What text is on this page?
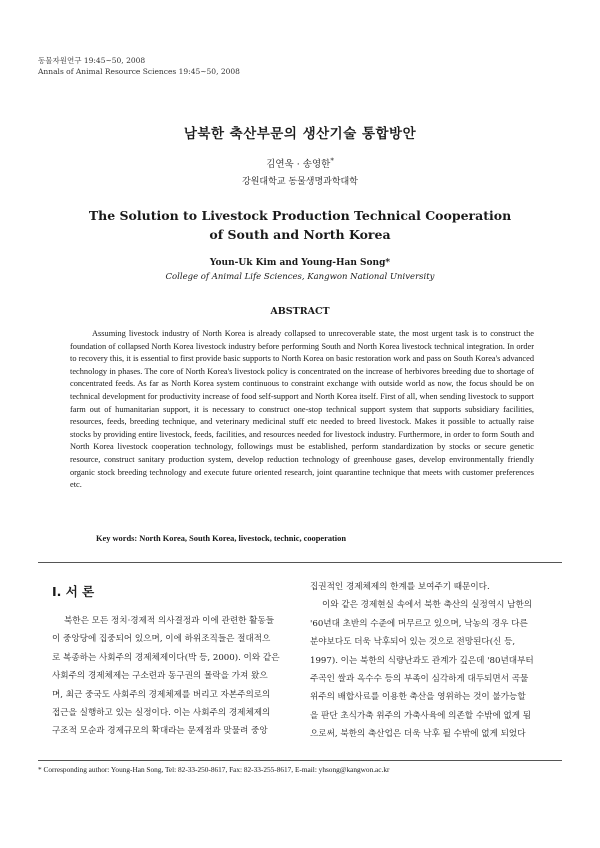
동물자원연구 19:45~50, 2008
Annals of Animal Resource Sciences 19:45~50, 2008
남북한 축산부문의 생산기술 통합방안
김연욱 · 송영한*
강원대학교 동물생명과학대학
The Solution to Livestock Production Technical Cooperation
of South and North Korea
Youn-Uk Kim and Young-Han Song*
College of Animal Life Sciences, Kangwon National University
ABSTRACT
Assuming livestock industry of North Korea is already collapsed to unrecoverable state, the most urgent task is to construct the foundation of collapsed North Korea livestock industry before performing South and North Korea livestock technical integration. In order to recovery this, it is essential to first provide basic supports to North Korea on basic restoration work and pass on South Korea's advanced technology in phases. The core of North Korea's livestock policy is concentrated on the increase of herbivores breeding due to shortage of concentrated feeds. As far as North Korea system continuous to constraint exchange with outside world as now, the focus should be on technical development for productivity increase of food self-support and North Korea itself. First of all, when sending livestock to support farm out of humanitarian support, it is necessary to construct one-stop technical support system that supports subsidiary facilities, resources, feeds, breeding technique, and veterinary medicinal stuff etc needed to breed livestock. Makes it possible to actually raise stocks by providing entire livestock, feeds, facilities, and resources needed for livestock industry. Furthermore, in order to form South and North Korea livestock cooperation technology, followings must be established, perform standardization by stocks or secure genetic resource, construct sanitary production system, develop reduction technology of greenhouse gases, develop environmentally friendly organic stock breeding technology and execute future oriented research, joint quarantine technique that meets with customer preferences etc.
Key words: North Korea, South Korea, livestock, technic, cooperation
Ⅰ. 서 론
북한은 모든 정치·경제적 의사결정과 이에 관련한 활동들
이 중앙당에 집중되어 있으며, 이에 하위조직들은 절대적으
로 복종하는 사회주의 경제체제이다(박 등, 2000). 이와 같은
사회주의 경제체제는 구소련과 동구권의 몰락을 가져 왔으
며, 최근 중국도 사회주의 경제체제를 버리고 자본주의로의
접근을 실행하고 있는 실정이다. 이는 사회주의 경제체제의
구조적 모순과 경제규모의 확대라는 문제점과 맞물려 중앙
집권적인 경제체제의 한계를 보여주기 때문이다.
이와 같은 경제현실 속에서 북한 축산의 실정역시 남한의
'60년대 초반의 수준에 머무르고 있으며, 낙농의 경우 다른
분야보다도 더욱 낙후되어 있는 것으로 전망된다(신 등,
1997). 이는 북한의 식량난과도 관계가 깊은데 '80년대부터
주곡인 쌀과 옥수수 등의 부족이 심각하게 대두되면서 곡물
위주의 배합사료를 이용한 축산을 영위하는 것이 불가능할
을 판단 초식가축 위주의 가축사육에 의존할 수밖에 없게 됨
으로써, 북한의 축산업은 더욱 낙후 될 수밖에 없게 되었다
* Corresponding author: Young-Han Song, Tel: 82-33-250-8617, Fax: 82-33-255-8617, E-mail: yhsong@kangwon.ac.kr
